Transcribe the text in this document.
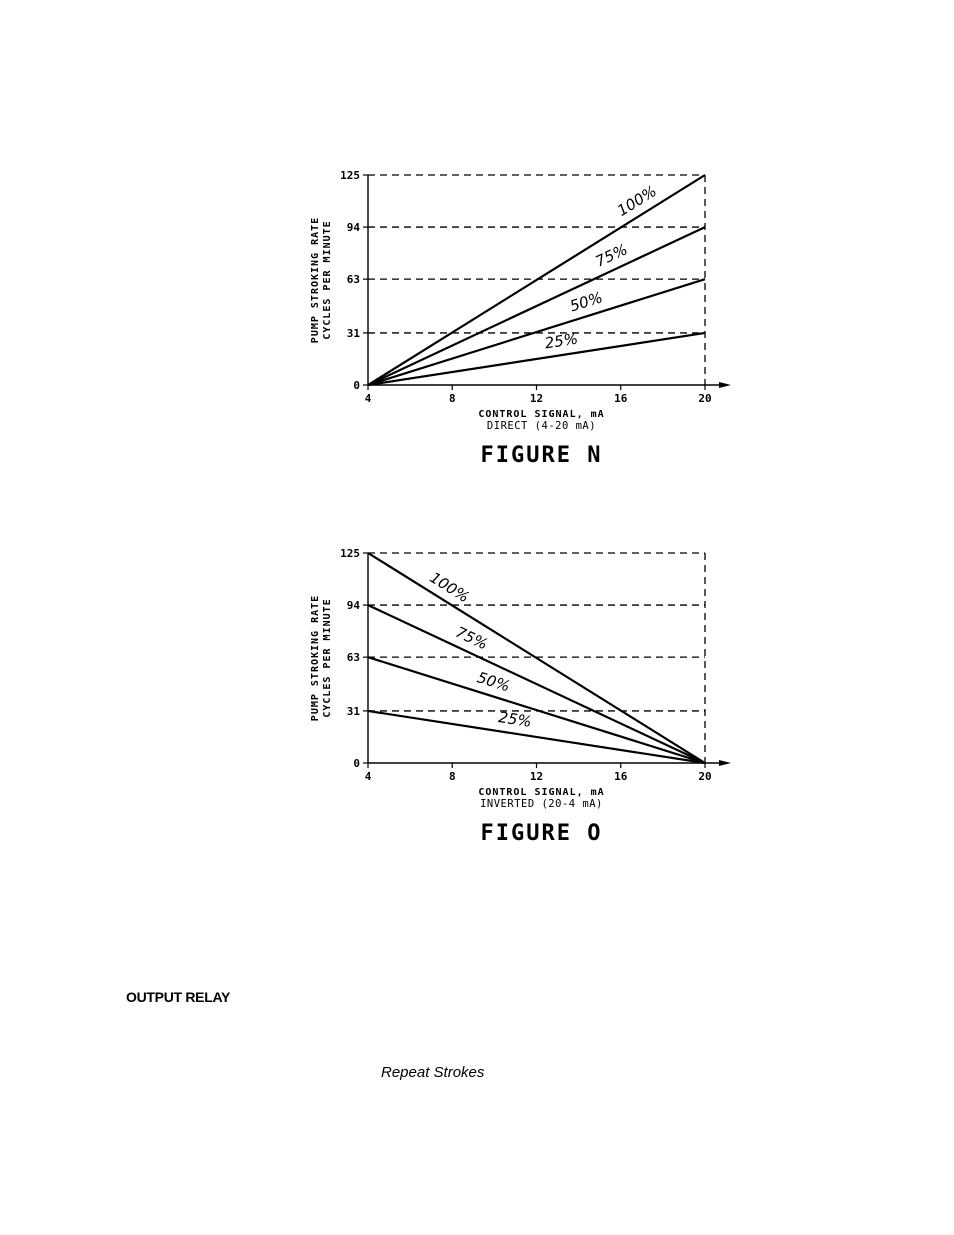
0
31
63
94
125
4	8	12	16	20
PUMP STROKING RATE CYCLES PER MINUTE
CONTROL SIGNAL, mA
DIRECT (4-20 mA)
FIGURE N
100%
75%
50%
25%
0
31
63
94
125
4	8	12	16	20
PUMP STROKING RATE CYCLES PER MINUTE
CONTROL SIGNAL, mA
INVERTED (20-4 mA)
FIGURE O
100%
75%
50%
25%

OUTPUT RELAY

Repeat Strokes
